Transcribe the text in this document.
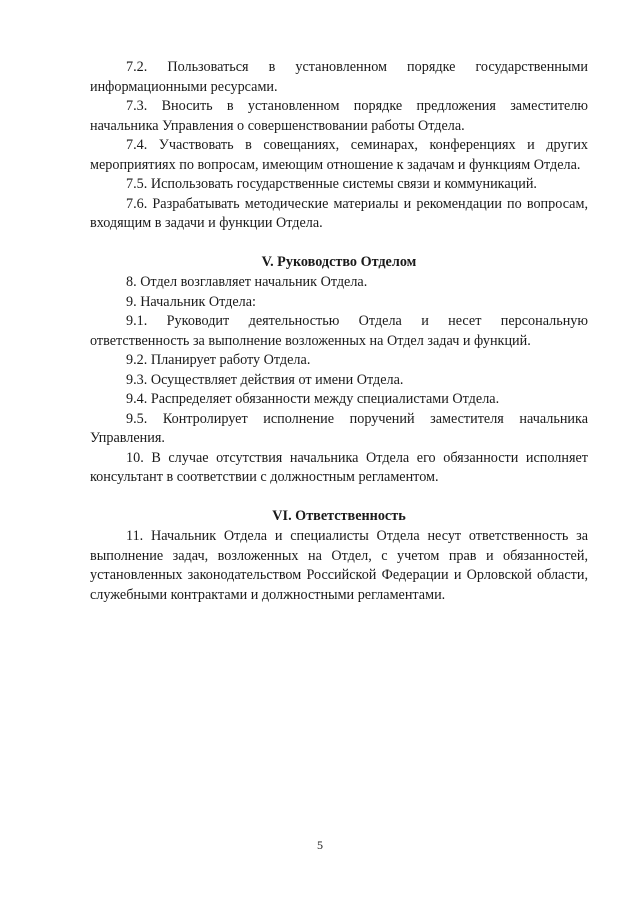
7.2. Пользоваться в установленном порядке государственными информационными ресурсами.

7.3. Вносить в установленном порядке предложения заместителю начальника Управления о совершенствовании работы Отдела.

7.4. Участвовать в совещаниях, семинарах, конференциях и других мероприятиях по вопросам, имеющим отношение к задачам и функциям Отдела.

7.5. Использовать государственные системы связи и коммуникаций.

7.6. Разрабатывать методические материалы и рекомендации по вопросам, входящим в задачи и функции Отдела.

V. Руководство Отделом

8. Отдел возглавляет начальник Отдела.

9. Начальник Отдела:

9.1. Руководит деятельностью Отдела и несет персональную ответственность за выполнение возложенных на Отдел задач и функций.

9.2. Планирует работу Отдела.

9.3. Осуществляет действия от имени Отдела.

9.4. Распределяет обязанности между специалистами Отдела.

9.5. Контролирует исполнение поручений заместителя начальника Управления.

10. В случае отсутствия начальника Отдела его обязанности исполняет консультант в соответствии с должностным регламентом.

VI. Ответственность

11. Начальник Отдела и специалисты Отдела несут ответственность за выполнение задач, возложенных на Отдел, с учетом прав и обязанностей, установленных законодательством Российской Федерации и Орловской области, служебными контрактами и должностными регламентами.

5
